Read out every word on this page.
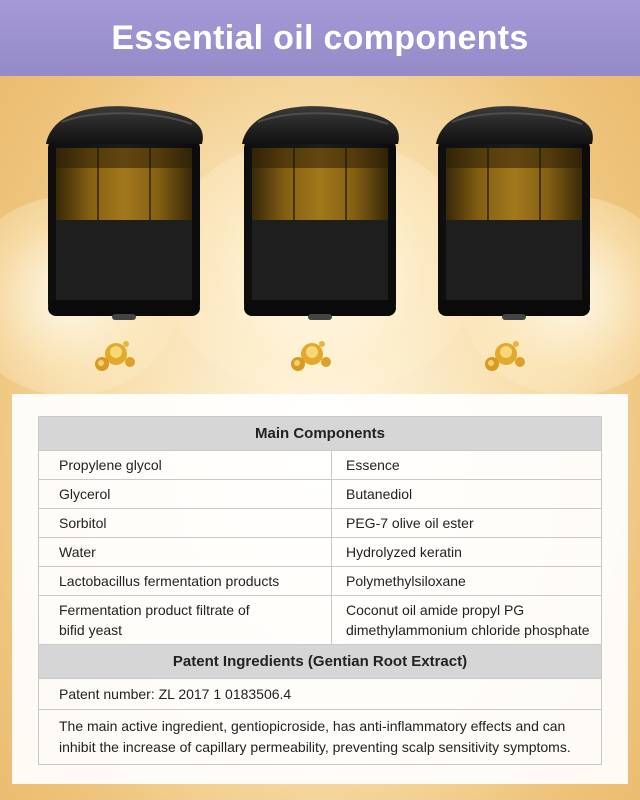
Essential oil components
Main Components	
Propylene glycol	Essence
Glycerol	Butanediol
Sorbitol	PEG-7 olive oil ester
Water	Hydrolyzed keratin
Lactobacillus fermentation products	Polymethylsiloxane
Fermentation product filtrate of
bifid yeast	Coconut oil amide propyl PG
dimethylammonium chloride phosphate
Patent Ingredients (Gentian Root Extract)	
Patent number: ZL 2017 1 0183506.4	
The main active ingredient, gentiopicroside, has anti-inflammatory effects and can inhibit the increase of capillary permeability, preventing scalp sensitivity symptoms.	
